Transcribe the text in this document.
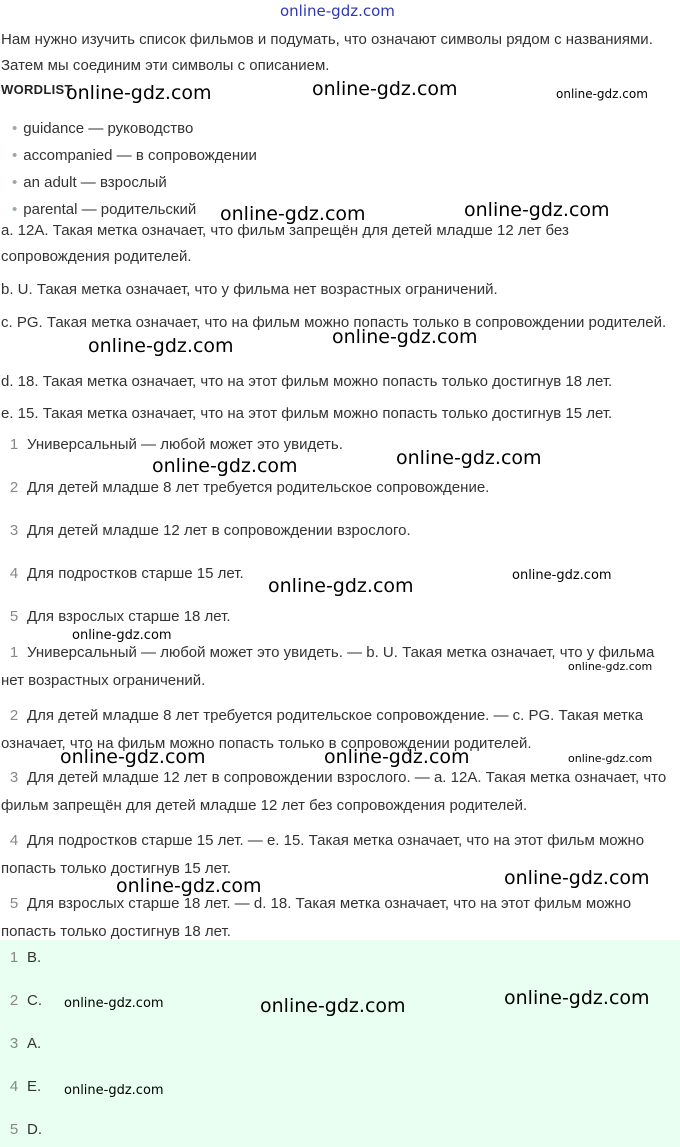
online-gdz.com

Нам нужно изучить список фильмов и подумать, что означают символы рядом с названиями. Затем мы соединим эти символы с описанием.

WORDLIST
• guidance — руководство
• accompanied — в сопровождении
• an adult — взрослый
• parental — родительский

a. 12A. Такая метка означает, что фильм запрещён для детей младше 12 лет без сопровождения родителей.

b. U. Такая метка означает, что у фильма нет возрастных ограничений.

c. PG. Такая метка означает, что на фильм можно попасть только в сопровождении родителей.

d. 18. Такая метка означает, что на этот фильм можно попасть только достигнув 18 лет.

e. 15. Такая метка означает, что на этот фильм можно попасть только достигнув 15 лет.

1 Универсальный — любой может это увидеть.
2 Для детей младше 8 лет требуется родительское сопровождение.
3 Для детей младше 12 лет в сопровождении взрослого.
4 Для подростков старше 15 лет.
5 Для взрослых старше 18 лет.
1 Универсальный — любой может это увидеть. — b. U. Такая метка означает, что у фильма нет возрастных ограничений.
2 Для детей младше 8 лет требуется родительское сопровождение. — c. PG. Такая метка означает, что на фильм можно попасть только в сопровождении родителей.
3 Для детей младше 12 лет в сопровождении взрослого. — a. 12A. Такая метка означает, что фильм запрещён для детей младше 12 лет без сопровождения родителей.
4 Для подростков старше 15 лет. — e. 15. Такая метка означает, что на этот фильм можно попасть только достигнув 15 лет.
5 Для взрослых старше 18 лет. — d. 18. Такая метка означает, что на этот фильм можно попасть только достигнув 18 лет.
1 B.
2 C.
3 A.
4 E.
5 D.
online-gdz.com	online-gdz.com	online-gdz.com
online-gdz.com	online-gdz.com
online-gdz.com	online-gdz.com
online-gdz.com	online-gdz.com
online-gdz.com	online-gdz.com
online-gdz.com
online-gdz.com
online-gdz.com	online-gdz.com	online-gdz.com
online-gdz.com	online-gdz.com
online-gdz.com	online-gdz.com	online-gdz.com
online-gdz.com
